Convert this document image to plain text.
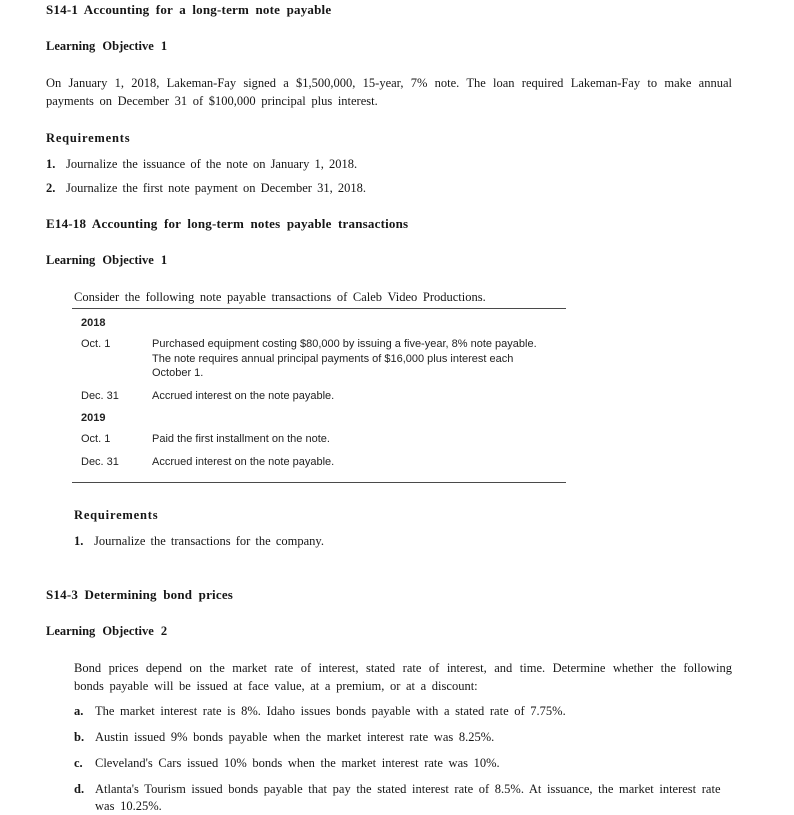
S14-1 Accounting for a long-term note payable
Learning Objective 1

On January 1, 2018, Lakeman-Fay signed a $1,500,000, 15-year, 7% note. The loan required Lakeman-Fay to make annual payments on December 31 of $100,000 principal plus interest.

Requirements
1. Journalize the issuance of the note on January 1, 2018.
2. Journalize the first note payment on December 31, 2018.
E14-18 Accounting for long-term notes payable transactions
Learning Objective 1

Consider the following note payable transactions of Caleb Video Productions.

2018
Oct. 1	Purchased equipment costing $80,000 by issuing a five-year, 8% note payable. The note requires annual principal payments of $16,000 plus interest each October 1.
Dec. 31	Accrued interest on the note payable.
2019
Oct. 1	Paid the first installment on the note.
Dec. 31	Accrued interest on the note payable.
Requirements
1. Journalize the transactions for the company.
S14-3 Determining bond prices
Learning Objective 2

Bond prices depend on the market rate of interest, stated rate of interest, and time. Determine whether the following bonds payable will be issued at face value, at a premium, or at a discount:

a. The market interest rate is 8%. Idaho issues bonds payable with a stated rate of 7.75%.
b. Austin issued 9% bonds payable when the market interest rate was 8.25%.
c. Cleveland's Cars issued 10% bonds when the market interest rate was 10%.
d. Atlanta's Tourism issued bonds payable that pay the stated interest rate of 8.5%. At issuance, the market interest rate was 10.25%.
